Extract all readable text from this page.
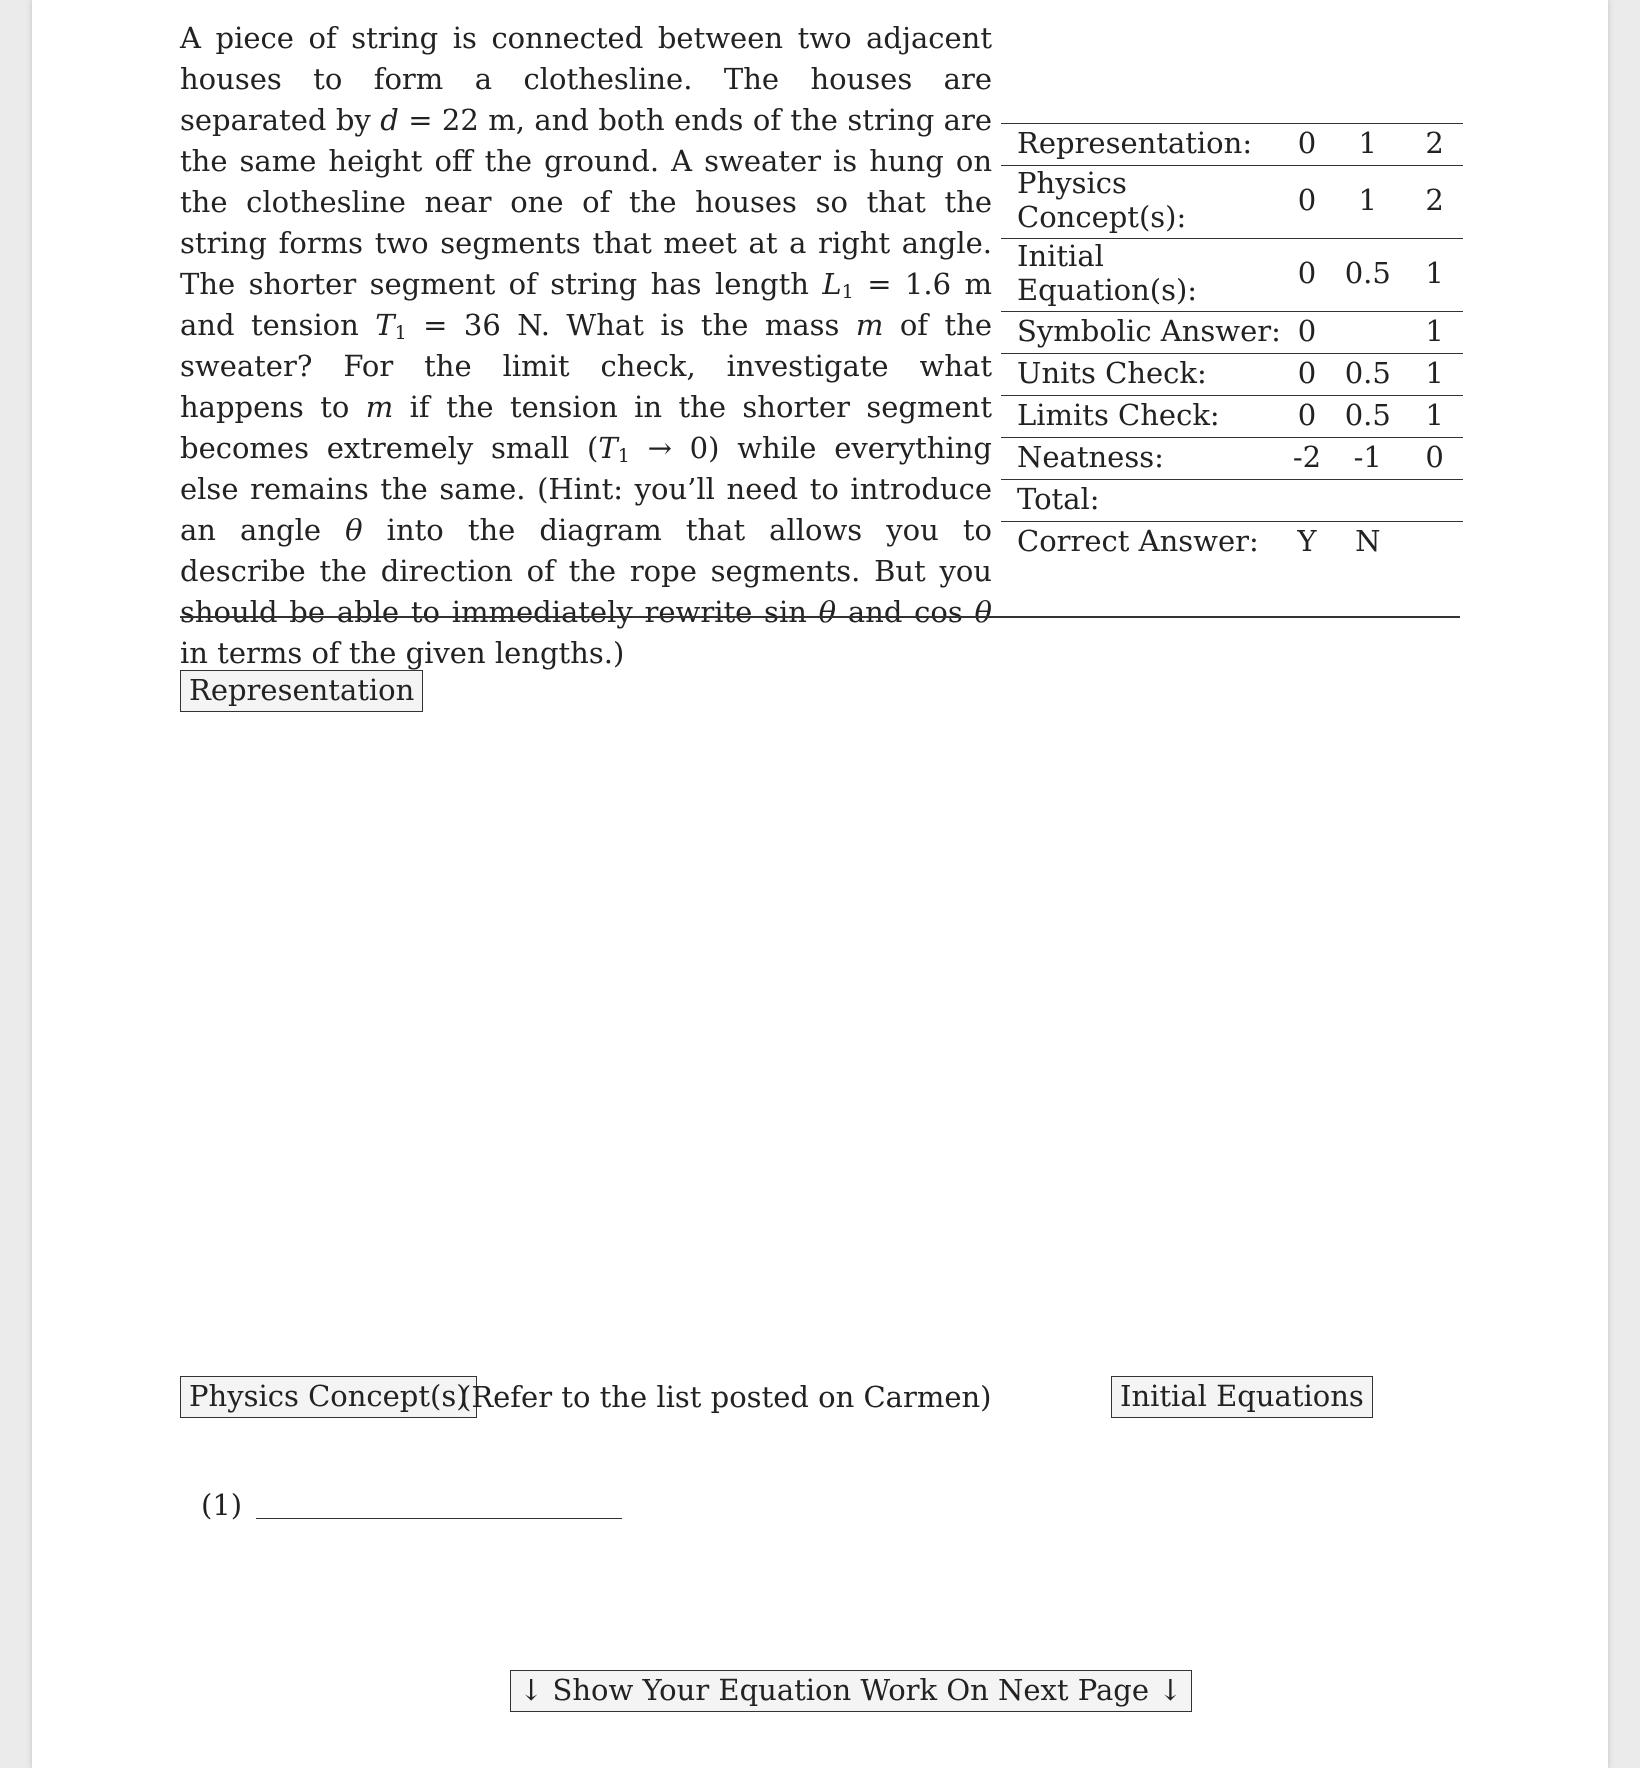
A piece of string is connected between two adjacent houses to form a clothesline. The houses are separated by d = 22 m, and both ends of the string are the same height off the ground. A sweater is hung on the clothesline near one of the houses so that the string forms two segments that meet at a right angle. The shorter segment of string has length $L_1 = 1.6$ m and tension $T_1 = 36$ N. What is the mass m of the sweater? For the limit check, investigate what happens to m if the tension in the shorter segment becomes extremely small $(T_1 \to 0)$ while everything else remains the same. (Hint: you’ll need to introduce an angle θ into the diagram that allows you to describe the direction of the rope segments. But you should be able to immediately rewrite sin θ and cos θ in terms of the given lengths.)

Representation:	0	1	2
Physics Concept(s):	0	1	2
Initial Equation(s):	0	0.5	1
Symbolic Answer:	0		1
Units Check:	0	0.5	1
Limits Check:	0	0.5	1
Neatness:	-2	-1	0
Total:			
Correct Answer:	Y	N	
Representation
Physics Concept(s)
(Refer to the list posted on Carmen)	Initial Equations
(1)
↓ Show Your Equation Work On Next Page ↓
